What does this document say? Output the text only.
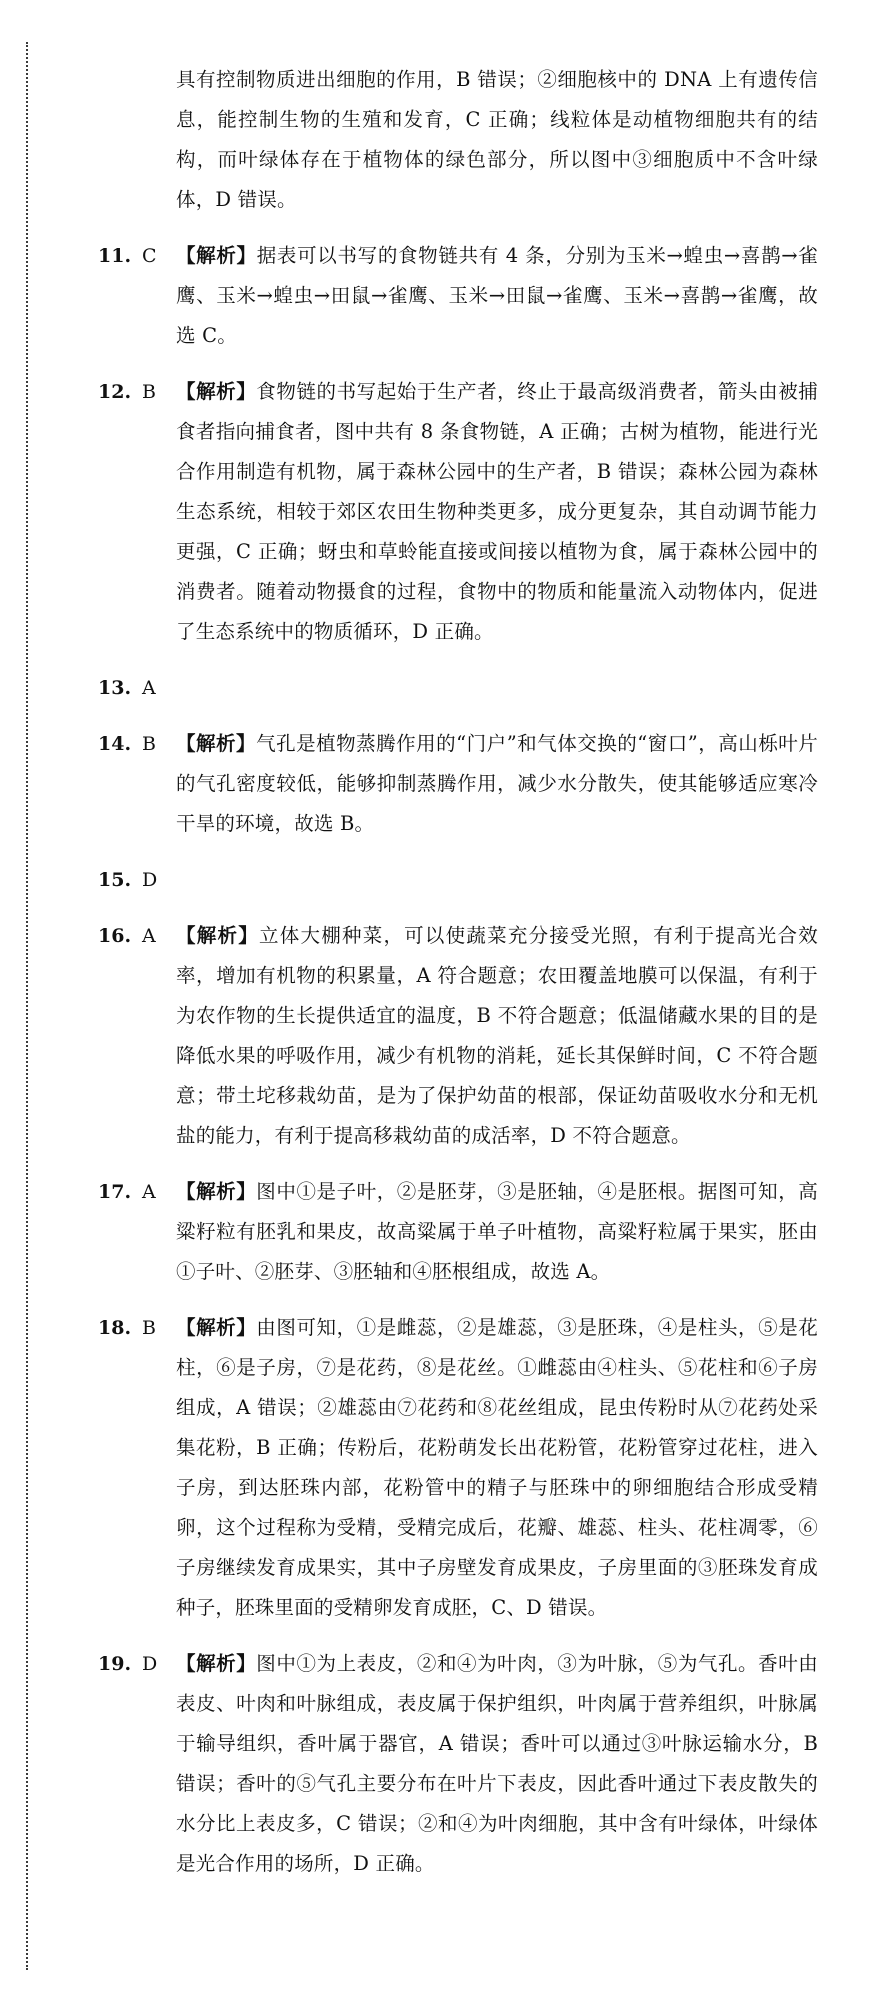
具有控制物质进出细胞的作用，B 错误；②细胞核中的 DNA 上有遗传信息，能控制生物的生殖和发育，C 正确；线粒体是动植物细胞共有的结构，而叶绿体存在于植物体的绿色部分，所以图中③细胞质中不含叶绿体，D 错误。
11. C 【解析】据表可以书写的食物链共有 4 条，分别为玉米→蝗虫→喜鹊→雀鹰、玉米→蝗虫→田鼠→雀鹰、玉米→田鼠→雀鹰、玉米→喜鹊→雀鹰，故选 C。
12. B	【解析】食物链的书写起始于生产者，终止于最高级消费者，箭头由被捕食者指向捕食者，图中共有 8 条食物链，A 正确；古树为植物，能进行光合作用制造有机物，属于森林公园中的生产者，B 错误；森林公园为森林生态系统，相较于郊区农田生物种类更多，成分更复杂，其自动调节能力更强，C 正确；蚜虫和草蛉能直接或间接以植物为食，属于森林公园中的消费者。随着动物摄食的过程，食物中的物质和能量流入动物体内，促进了生态系统中的物质循环，D 正确。
13. A
14. B	【解析】气孔是植物蒸腾作用的“门户”和气体交换的“窗口”，高山栎叶片的气孔密度较低，能够抑制蒸腾作用，减少水分散失，使其能够适应寒冷干旱的环境，故选 B。
15. D
16. A	【解析】立体大棚种菜，可以使蔬菜充分接受光照，有利于提高光合效率，增加有机物的积累量，A 符合题意；农田覆盖地膜可以保温，有利于为农作物的生长提供适宜的温度，B 不符合题意；低温储藏水果的目的是降低水果的呼吸作用，减少有机物的消耗，延长其保鲜时间，C 不符合题意；带土坨移栽幼苗，是为了保护幼苗的根部，保证幼苗吸收水分和无机盐的能力，有利于提高移栽幼苗的成活率，D 不符合题意。
17. A	【解析】图中①是子叶，②是胚芽，③是胚轴，④是胚根。据图可知，高粱籽粒有胚乳和果皮，故高粱属于单子叶植物，高粱籽粒属于果实，胚由①子叶、②胚芽、③胚轴和④胚根组成，故选 A。
18. B	【解析】由图可知，①是雌蕊，②是雄蕊，③是胚珠，④是柱头，⑤是花柱，⑥是子房，⑦是花药，⑧是花丝。①雌蕊由④柱头、⑤花柱和⑥子房组成，A 错误；②雄蕊由⑦花药和⑧花丝组成，昆虫传粉时从⑦花药处采集花粉，B 正确；传粉后，花粉萌发长出花粉管，花粉管穿过花柱，进入子房，到达胚珠内部，花粉管中的精子与胚珠中的卵细胞结合形成受精卵，这个过程称为受精，受精完成后，花瓣、雄蕊、柱头、花柱凋零，⑥子房继续发育成果实，其中子房壁发育成果皮，子房里面的③胚珠发育成种子，胚珠里面的受精卵发育成胚，C、D 错误。
19. D 【解析】图中①为上表皮，②和④为叶肉，③为叶脉，⑤为气孔。香叶由表皮、叶肉和叶脉组成，表皮属于保护组织，叶肉属于营养组织，叶脉属于输导组织，香叶属于器官，A 错误；香叶可以通过③叶脉运输水分，B 错误；香叶的⑤气孔主要分布在叶片下表皮，因此香叶通过下表皮散失的水分比上表皮多，C 错误；②和④为叶肉细胞，其中含有叶绿体，叶绿体是光合作用的场所，D 正确。
